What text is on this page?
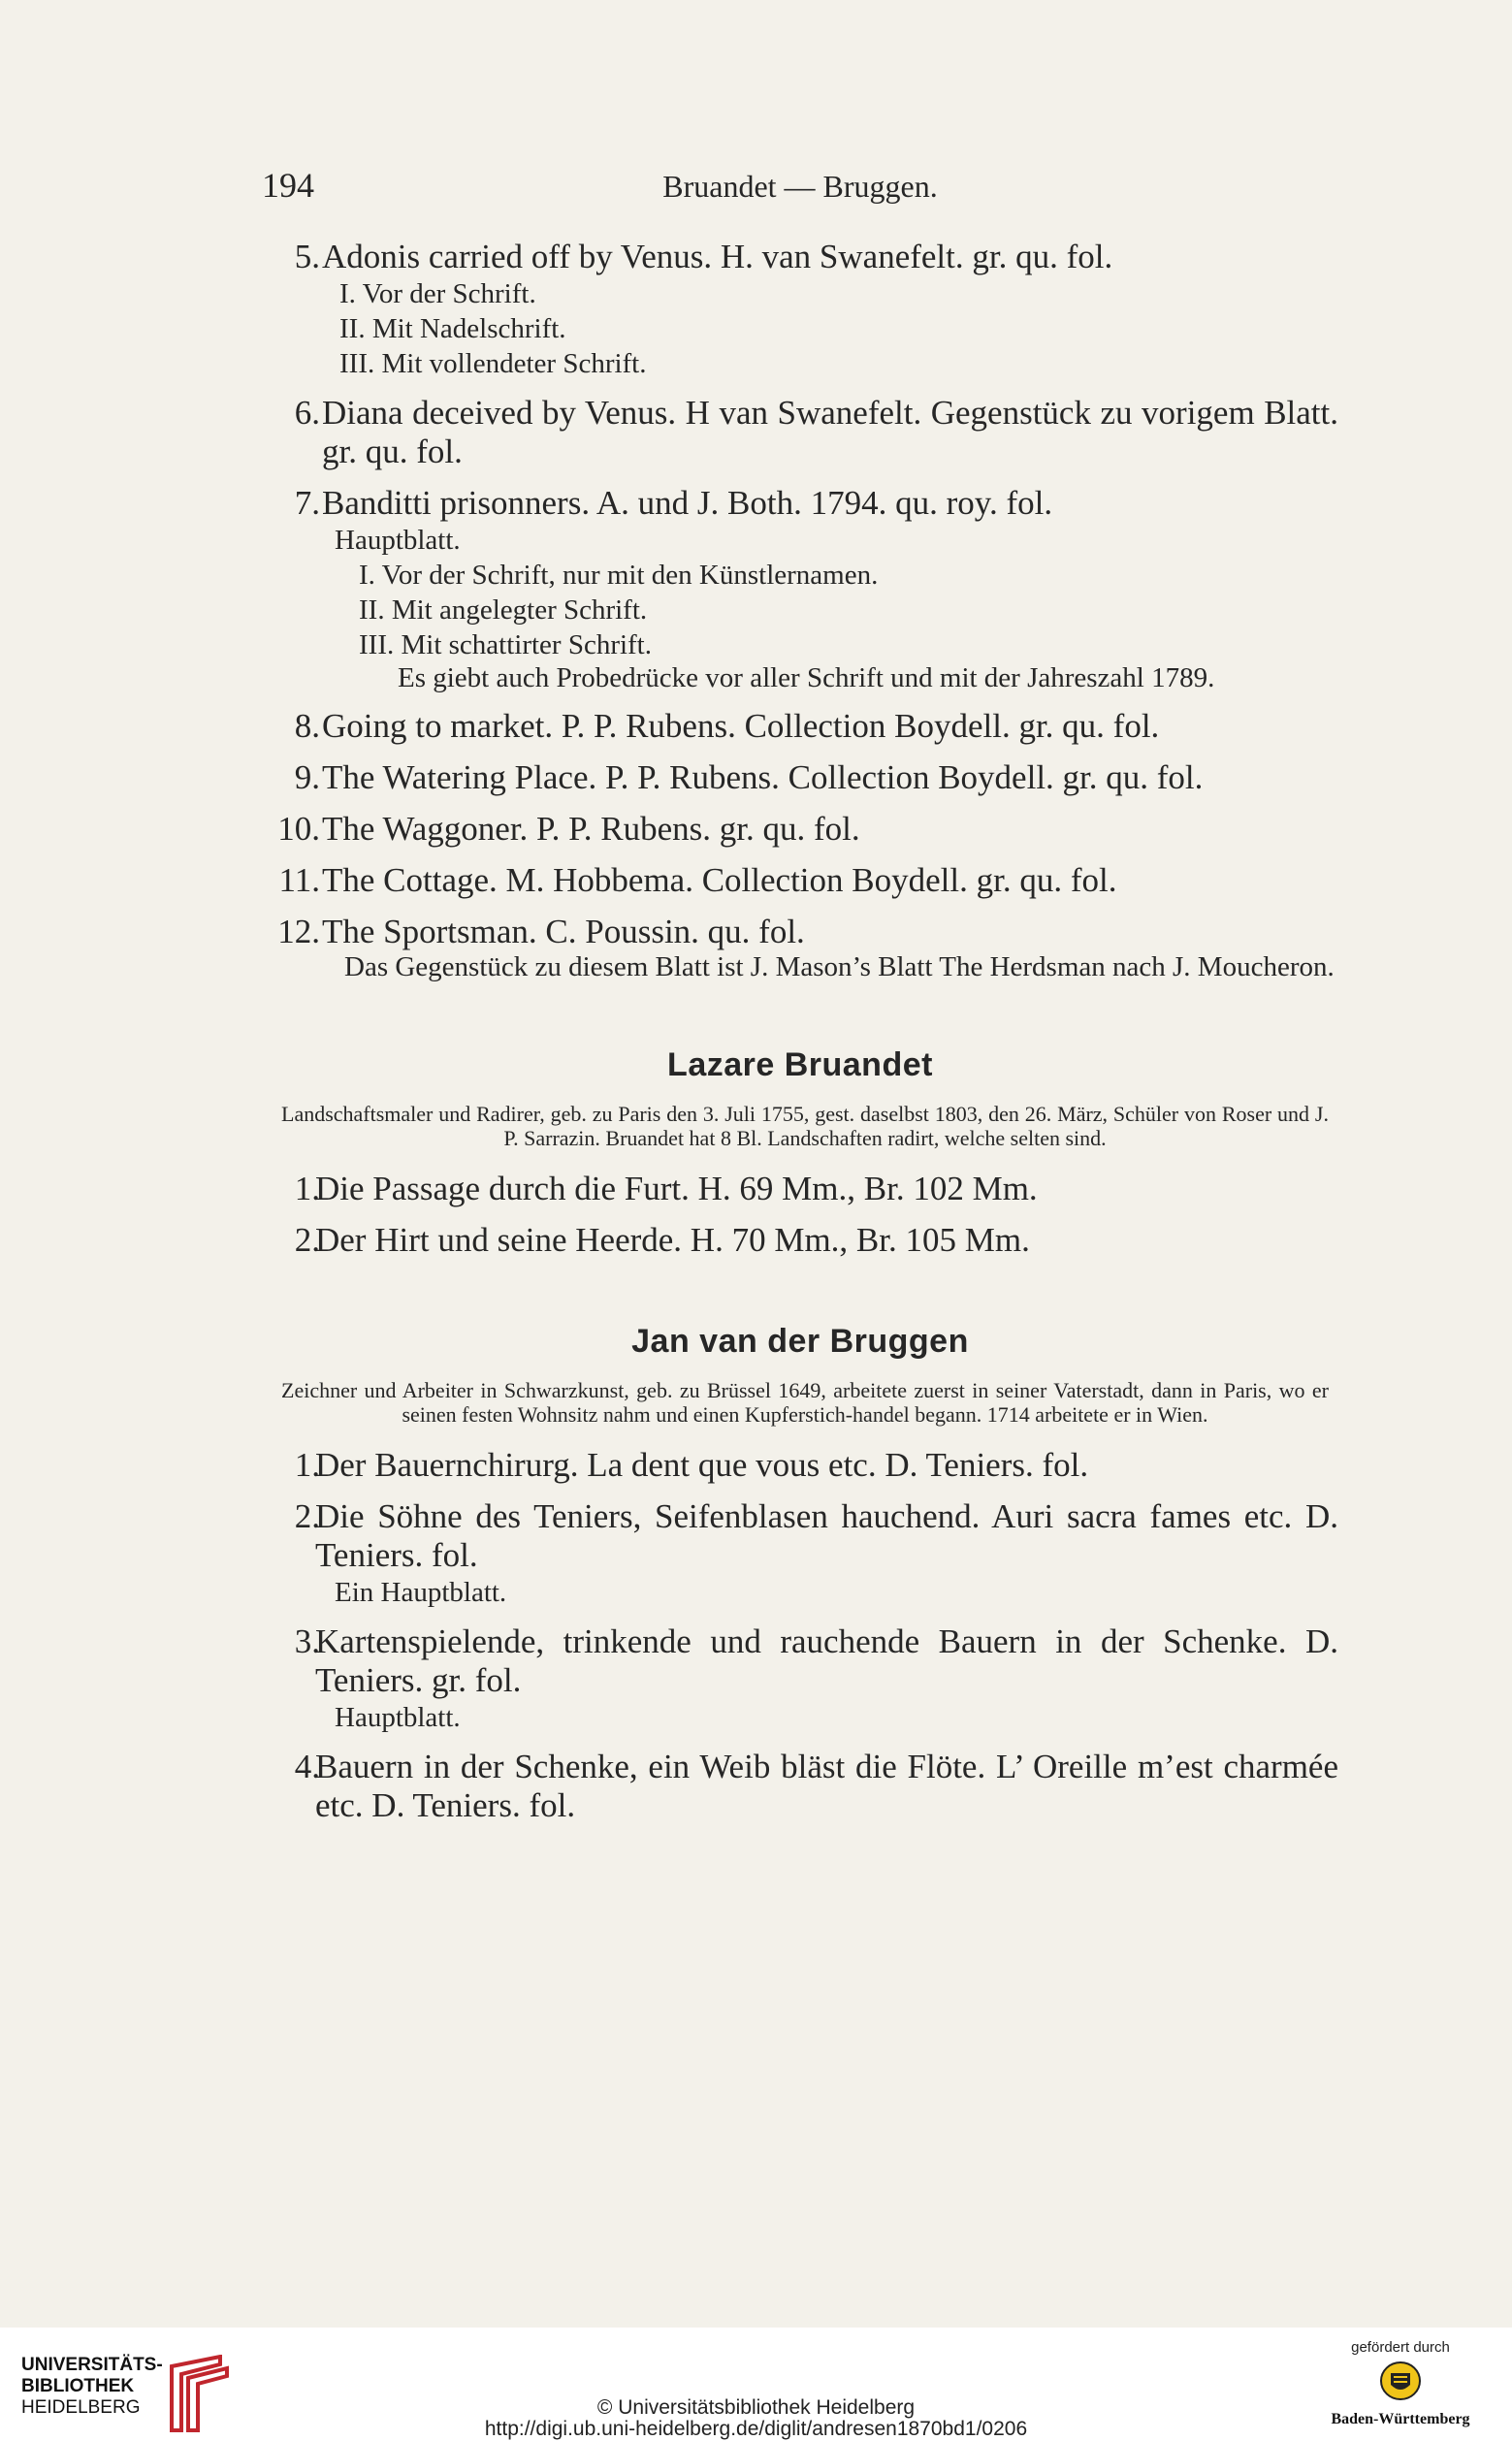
194	Bruandet — Bruggen.
5. Adonis carried off by Venus. H. van Swanefelt. gr. qu. fol.
I. Vor der Schrift.
II. Mit Nadelschrift.
III. Mit vollendeter Schrift.
6. Diana deceived by Venus. H van Swanefelt. Gegenstück zu vorigem Blatt. gr. qu. fol.
7. Banditti prisonners. A. und J. Both. 1794. qu. roy. fol.
Hauptblatt.
I. Vor der Schrift, nur mit den Künstlernamen.
II. Mit angelegter Schrift.
III. Mit schattirter Schrift.
Es giebt auch Probedrücke vor aller Schrift und mit der Jahreszahl 1789.
8. Going to market. P. P. Rubens. Collection Boydell. gr. qu. fol.
9. The Watering Place. P. P. Rubens. Collection Boydell. gr. qu. fol.
10. The Waggoner. P. P. Rubens. gr. qu. fol.
11. The Cottage. M. Hobbema. Collection Boydell. gr. qu. fol.
12. The Sportsman. C. Poussin. qu. fol.
Das Gegenstück zu diesem Blatt ist J. Mason’s Blatt The Herdsman nach J. Moucheron.
Lazare Bruandet
Landschaftsmaler und Radirer, geb. zu Paris den 3. Juli 1755, gest. daselbst 1803, den 26. März, Schüler von Roser und J. P. Sarrazin. Bruandet hat 8 Bl. Landschaften radirt, welche selten sind.
1.
Die Passage durch die Furt. H. 69 Mm., Br. 102 Mm.
2.
Der Hirt und seine Heerde. H. 70 Mm., Br. 105 Mm.
Jan van der Bruggen
Zeichner und Arbeiter in Schwarzkunst, geb. zu Brüssel 1649, arbeitete zuerst in seiner Vaterstadt, dann in Paris, wo er seinen festen Wohnsitz nahm und einen Kupferstich-handel begann. 1714 arbeitete er in Wien.
1.
Der Bauernchirurg. La dent que vous etc. D. Teniers. fol.
2.
Die Söhne des Teniers, Seifenblasen hauchend. Auri sacra fames etc. D. Teniers. fol.
Ein Hauptblatt.
3.
Kartenspielende, trinkende und rauchende Bauern in der Schenke. D. Teniers. gr. fol.
Hauptblatt.
4.
Bauern in der Schenke, ein Weib bläst die Flöte. L’ Oreille m’est charmée etc. D. Teniers. fol.
UNIVERSITÄTS-
BIBLIOTHEK
HEIDELBERG	© Universitätsbibliothek Heidelberg
http://digi.ub.uni-heidelberg.de/diglit/andresen1870bd1/0206
gefördert durch
Baden-Württemberg
